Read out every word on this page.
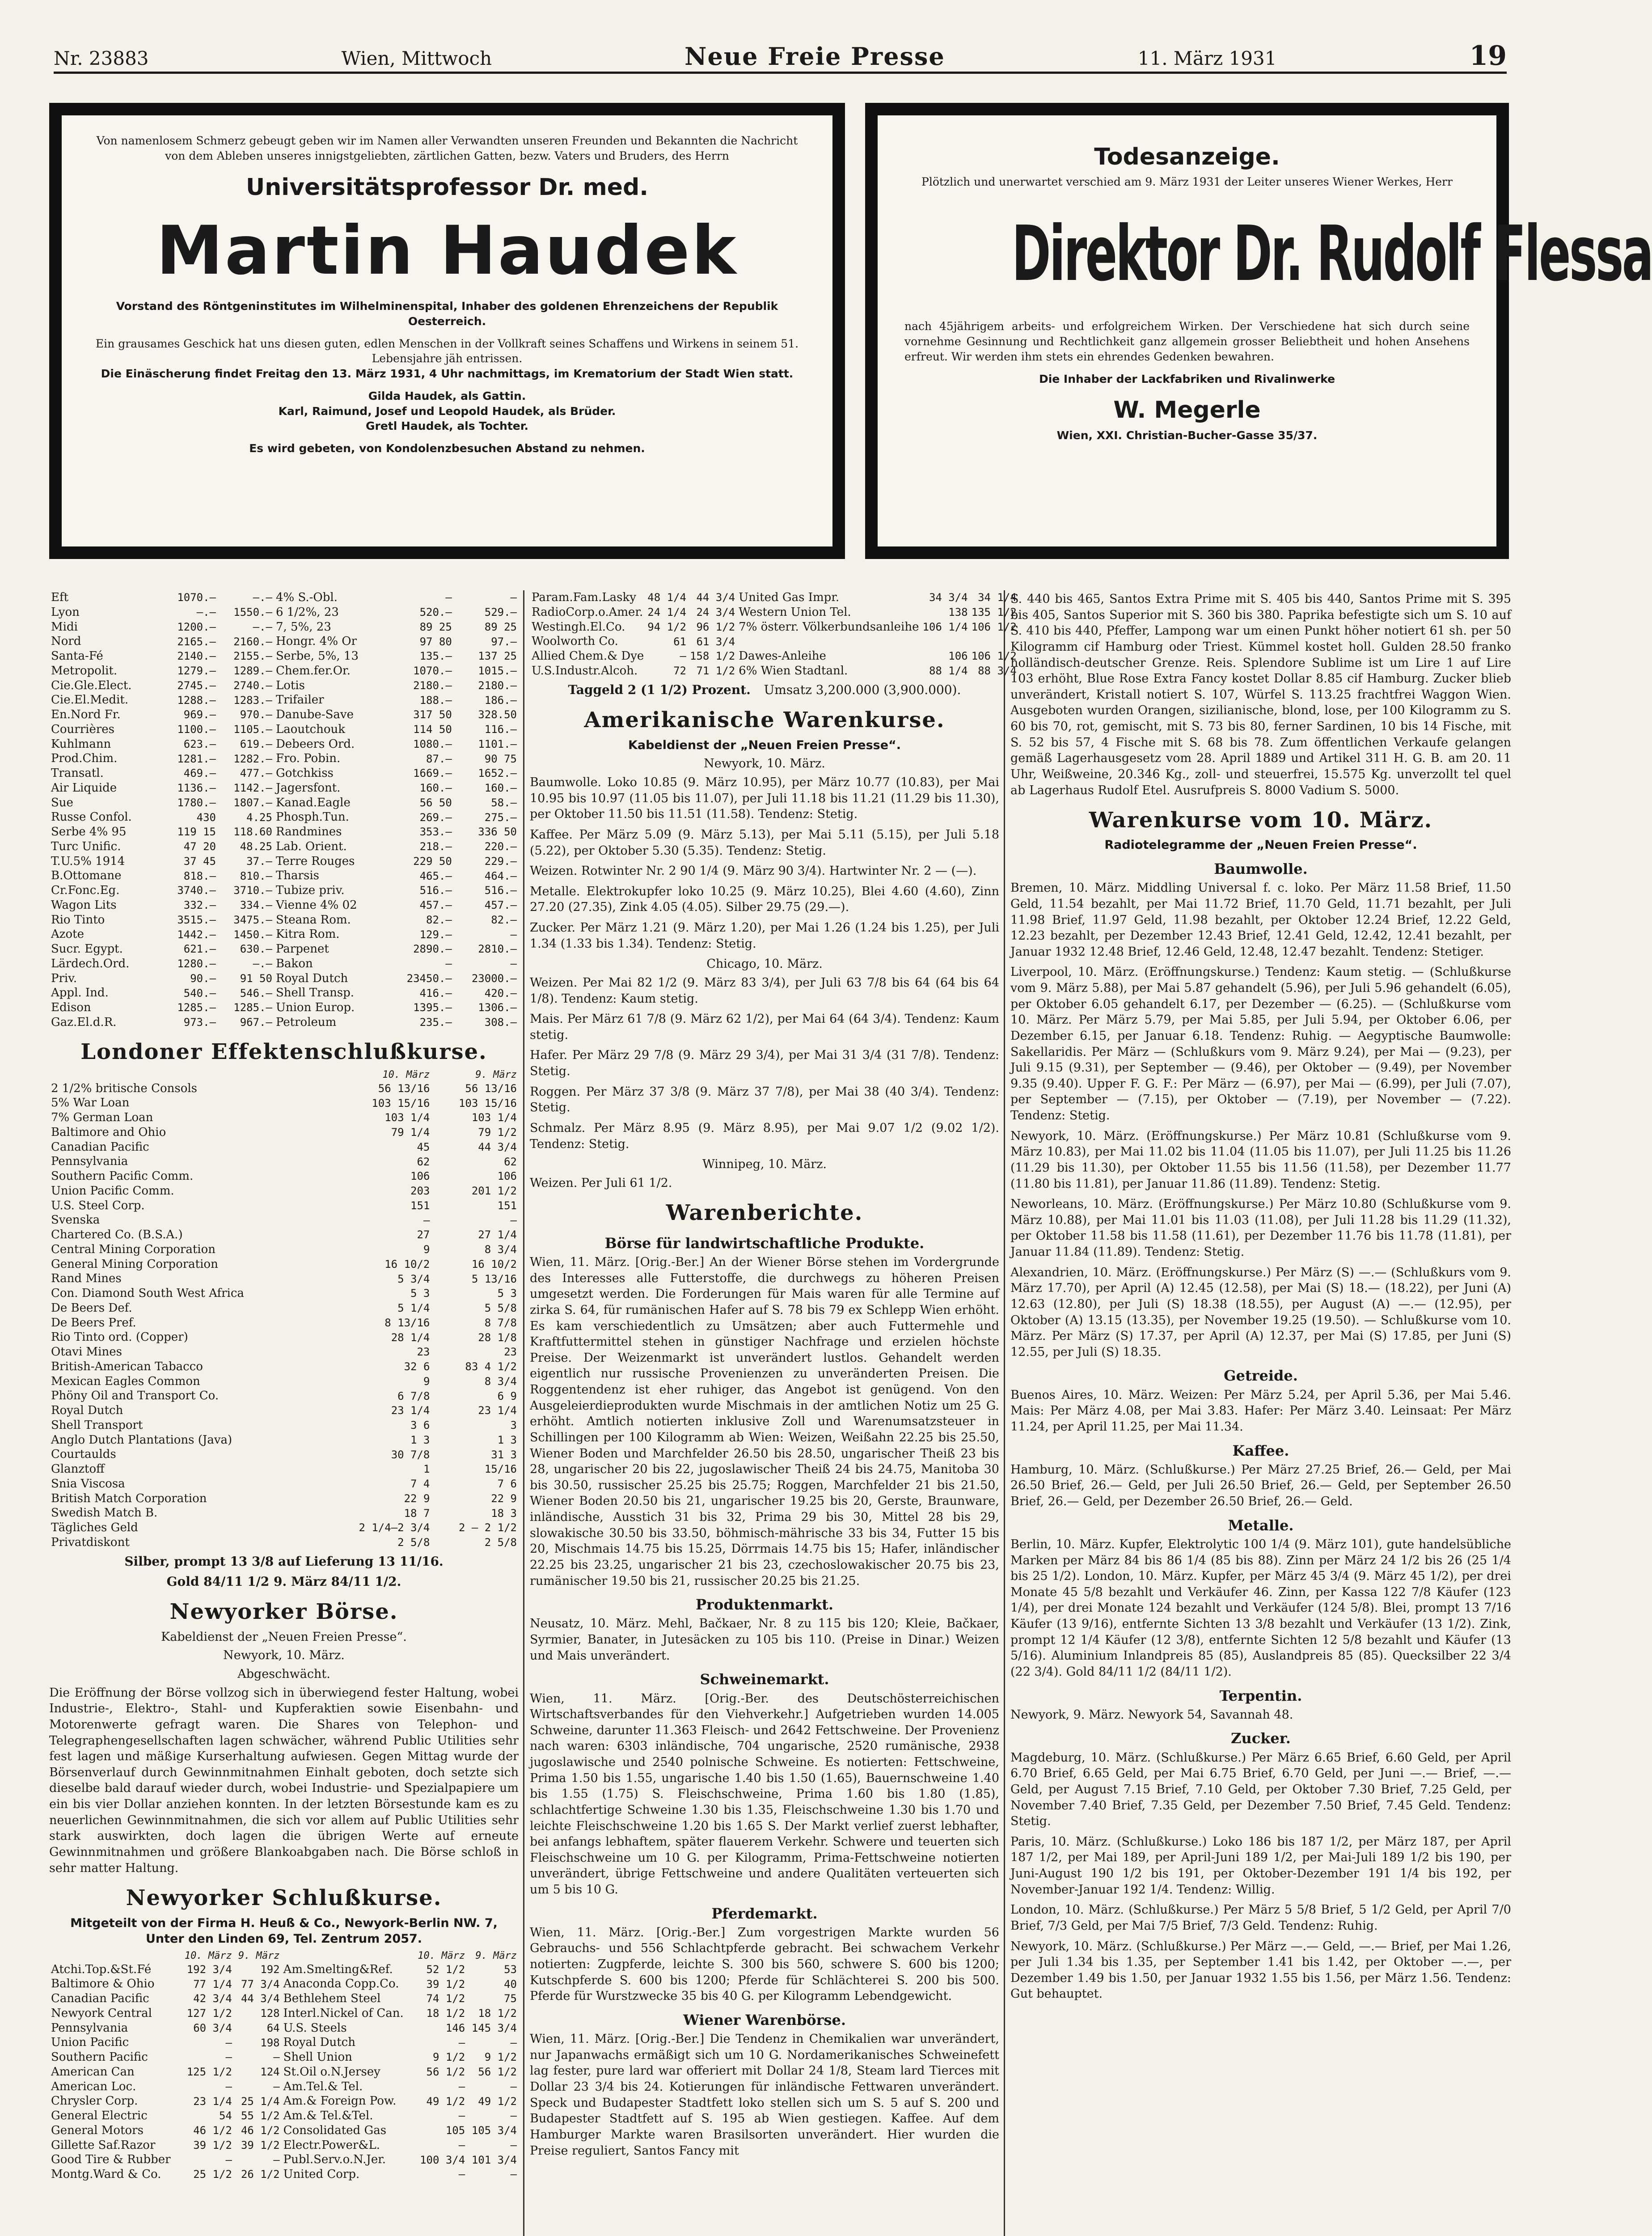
Nr. 23883	Wien, Mittwoch	Neue Freie Presse	11. März 1931	19
Von namenlosem Schmerz gebeugt geben wir im Namen aller Verwandten unseren Freunden und Bekannten die Nachricht von dem Ableben unseres innigstgeliebten, zärtlichen Gatten, bezw. Vaters und Bruders, des Herrn
Universitätsprofessor Dr. med.
Martin Haudek
Vorstand des Röntgeninstitutes im Wilhelminenspital, Inhaber des goldenen Ehrenzeichens der Republik Oesterreich.
Ein grausames Geschick hat uns diesen guten, edlen Menschen in der Vollkraft seines Schaffens und Wirkens in seinem 51. Lebensjahre jäh entrissen.
Die Einäscherung findet Freitag den 13. März 1931, 4 Uhr nachmittags, im Krematorium der Stadt Wien statt.
Gilda Haudek, als Gattin.
Karl, Raimund, Josef und Leopold Haudek, als Brüder.
Gretl Haudek, als Tochter.
Es wird gebeten, von Kondolenzbesuchen Abstand zu nehmen.
Todesanzeige.
Plötzlich und unerwartet verschied am 9. März 1931 der Leiter unseres Wiener Werkes, Herr
Direktor Dr. Rudolf Flessa
nach 45jährigem arbeits- und erfolgreichem Wirken. Der Verschiedene hat sich durch seine vornehme Gesinnung und Rechtlichkeit ganz allgemein grosser Beliebtheit und hohen Ansehens erfreut. Wir werden ihm stets ein ehrendes Gedenken bewahren.
Die Inhaber der Lackfabriken und Rivalinwerke
W. Megerle
Wien, XXI. Christian-Bucher-Gasse 35/37.
Eft	1070.—	—.—	4% S.-Obl.	—	—
Lyon	—.—	1550.—	6 1/2%, 23	520.—	529.—
Midi	1200.—	—.—	7, 5%, 23	89 25	89 25
Nord	2165.—	2160.—	Hongr. 4% Or	97 80	97.—
Santa-Fé	2140.—	2155.—	Serbe, 5%, 13	135.—	137 25
Metropolit.	1279.—	1289.—	Chem.fer.Or.	1070.—	1015.—
Cie.Gle.Elect.	2745.—	2740.—	Lotis	2180.—	2180.—
Cie.El.Medit.	1288.—	1283.—	Trifailer	188.—	186.—
En.Nord Fr.	969.—	970.—	Danube-Save	317 50	328.50
Courrières	1100.—	1105.—	Laoutchouk	114 50	116.—
Kuhlmann	623.—	619.—	Debeers Ord.	1080.—	1101.—
Prod.Chim.	1281.—	1282.—	Fro. Pobin.	87.—	90 75
Transatl.	469.—	477.—	Gotchkiss	1669.—	1652.—
Air Liquide	1136.—	1142.—	Jagersfont.	160.—	160.—
Sue	1780.—	1807.—	Kanad.Eagle	56 50	58.—
Russe Confol.	430	4.25	Phosph.Tun.	269.—	275.—
Serbe 4% 95	119 15	118.60	Randmines	353.—	336 50
Turc Unific.	47 20	48.25	Lab. Orient.	218.—	220.—
T.U.5% 1914	37 45	37.—	Terre Rouges	229 50	229.—
B.Ottomane	818.—	810.—	Tharsis	465.—	464.—
Cr.Fonc.Eg.	3740.—	3710.—	Tubize priv.	516.—	516.—
Wagon Lits	332.—	334.—	Vienne 4% 02	457.—	457.—
Rio Tinto	3515.—	3475.—	Steana Rom.	82.—	82.—
Azote	1442.—	1450.—	Kitra Rom.	129.—	—
Sucr. Egypt.	621.—	630.—	Parpenet	2890.—	2810.—
Lärdech.Ord.	1280.—	—.—	Bakon	—	—
Priv.	90.—	91 50	Royal Dutch	23450.—	23000.—
Appl. Ind.	540.—	546.—	Shell Transp.	416.—	420.—
Edison	1285.—	1285.—	Union Europ.	1395.—	1306.—
Gaz.El.d.R.	973.—	967.—	Petroleum	235.—	308.—
Londoner Effektenschlußkurse.
	10. März	9. März
2 1/2% britische Consols	56 13/16	56 13/16
5% War Loan	103 15/16	103 15/16
7% German Loan	103 1/4	103 1/4
Baltimore and Ohio	79 1/4	79 1/2
Canadian Pacific	45	44 3/4
Pennsylvania	62	62
Southern Pacific Comm.	106	106
Union Pacific Comm.	203	201 1/2
U.S. Steel Corp.	151	151
Svenska	—	—
Chartered Co. (B.S.A.)	27	27 1/4
Central Mining Corporation	9	8 3/4
General Mining Corporation	16 10/2	16 10/2
Rand Mines	5 3/4	5 13/16
Con. Diamond South West Africa	5 3	5 3
De Beers Def.	5 1/4	5 5/8
De Beers Pref.	8 13/16	8 7/8
Rio Tinto ord. (Copper)	28 1/4	28 1/8
Otavi Mines	23	23
British-American Tabacco	32 6	83 4 1/2
Mexican Eagles Common	9	8 3/4
Phöny Oil and Transport Co.	6 7/8	6 9
Royal Dutch	23 1/4	23 1/4
Shell Transport	3 6	3
Anglo Dutch Plantations (Java)	1 3	1 3
Courtaulds	30 7/8	31 3
Glanztoff	1	15/16
Snia Viscosa	7 4	7 6
British Match Corporation	22 9	22 9
Swedish Match B.	18 7	18 3
Tägliches Geld	2 1/4—2 3/4	2 — 2 1/2
Privatdiskont	2 5/8	2 5/8
Silber, prompt 13 3/8 auf Lieferung 13 11/16.
Gold 84/11 1/2 9. März 84/11 1/2.
Newyorker Börse.
Kabeldienst der „Neuen Freien Presse“.
Newyork, 10. März.
Abgeschwächt.

Die Eröffnung der Börse vollzog sich in überwiegend fester Haltung, wobei Industrie-, Elektro-, Stahl- und Kupferaktien sowie Eisenbahn- und Motorenwerte gefragt waren. Die Shares von Telephon- und Telegraphengesellschaften lagen schwächer, während Public Utilities sehr fest lagen und mäßige Kurserhaltung aufwiesen. Gegen Mittag wurde der Börsenverlauf durch Gewinnmitnahmen Einhalt geboten, doch setzte sich dieselbe bald darauf wieder durch, wobei Industrie- und Spezialpapiere um ein bis vier Dollar anziehen konnten. In der letzten Börsestunde kam es zu neuerlichen Gewinnmitnahmen, die sich vor allem auf Public Utilities sehr stark auswirkten, doch lagen die übrigen Werte auf erneute Gewinnmitnahmen und größere Blankoabgaben nach. Die Börse schloß in sehr matter Haltung.

Newyorker Schlußkurse.
Mitgeteilt von der Firma H. Heuß & Co., Newyork-Berlin NW. 7, Unter den Linden 69, Tel. Zentrum 2057.
	10. März	9. März		10. März	9. März
Atchi.Top.&St.Fé	192 3/4	192	Am.Smelting&Ref.	52 1/2	53
Baltimore & Ohio	77 1/4	77 3/4	Anaconda Copp.Co.	39 1/2	40
Canadian Pacific	42 3/4	44 3/4	Bethlehem Steel	74 1/2	75
Newyork Central	127 1/2	128	Interl.Nickel of Can.	18 1/2	18 1/2
Pennsylvania	60 3/4	64	U.S. Steels	146	145 3/4
Union Pacific	—	198	Royal Dutch	—	—
Southern Pacific	—	—	Shell Union	9 1/2	9 1/2
American Can	125 1/2	124	St.Oil o.N.Jersey	56 1/2	56 1/2
American Loc.	—	—	Am.Tel.& Tel.	—	—
Chrysler Corp.	23 1/4	25 1/4	Am.& Foreign Pow.	49 1/2	49 1/2
General Electric	54	55 1/2	Am.& Tel.&Tel.	—	—
General Motors	46 1/2	46 1/2	Consolidated Gas	105	105 3/4
Gillette Saf.Razor	39 1/2	39 1/2	Electr.Power&L.	—	—
Good Tire & Rubber	—	—	Publ.Serv.o.N.Jer.	100 3/4	101 3/4
Montg.Ward & Co.	25 1/2	26 1/2	United Corp.	—	—
Param.Fam.Lasky	48 1/4	44 3/4	United Gas Impr.	34 3/4	34 1/4
RadioCorp.o.Amer.	24 1/4	24 3/4	Western Union Tel.	138	135 1/2
Westingh.El.Co.	94 1/2	96 1/2	7% österr. Völkerbundsanleihe	106 1/4	106 1/2
Woolworth Co.	61	61 3/4			
Allied Chem.& Dye	—	158 1/2	Dawes-Anleihe	106	106 1/2
U.S.Industr.Alcoh.	72	71 1/2	6% Wien Stadtanl.	88 1/4	88 3/4
Taggeld 2 (1 1/2) Prozent. Umsatz 3,200.000 (3,900.000).
Amerikanische Warenkurse.
Kabeldienst der „Neuen Freien Presse“.
Newyork, 10. März.

Baumwolle. Loko 10.85 (9. März 10.95), per März 10.77 (10.83), per Mai 10.95 bis 10.97 (11.05 bis 11.07), per Juli 11.18 bis 11.21 (11.29 bis 11.30), per Oktober 11.50 bis 11.51 (11.58). Tendenz: Stetig.

Kaffee. Per März 5.09 (9. März 5.13), per Mai 5.11 (5.15), per Juli 5.18 (5.22), per Oktober 5.30 (5.35). Tendenz: Stetig.

Weizen. Rotwinter Nr. 2 90 1/4 (9. März 90 3/4). Hartwinter Nr. 2 — (—).

Metalle. Elektrokupfer loko 10.25 (9. März 10.25), Blei 4.60 (4.60), Zinn 27.20 (27.35), Zink 4.05 (4.05). Silber 29.75 (29.—).

Zucker. Per März 1.21 (9. März 1.20), per Mai 1.26 (1.24 bis 1.25), per Juli 1.34 (1.33 bis 1.34). Tendenz: Stetig.

Chicago, 10. März.

Weizen. Per Mai 82 1/2 (9. März 83 3/4), per Juli 63 7/8 bis 64 (64 bis 64 1/8). Tendenz: Kaum stetig.

Mais. Per März 61 7/8 (9. März 62 1/2), per Mai 64 (64 3/4). Tendenz: Kaum stetig.

Hafer. Per März 29 7/8 (9. März 29 3/4), per Mai 31 3/4 (31 7/8). Tendenz: Stetig.

Roggen. Per März 37 3/8 (9. März 37 7/8), per Mai 38 (40 3/4). Tendenz: Stetig.

Schmalz. Per März 8.95 (9. März 8.95), per Mai 9.07 1/2 (9.02 1/2). Tendenz: Stetig.

Winnipeg, 10. März.

Weizen. Per Juli 61 1/2.

Warenberichte.
Börse für landwirtschaftliche Produkte.

Wien, 11. März. [Orig.-Ber.] An der Wiener Börse stehen im Vordergrunde des Interesses alle Futterstoffe, die durchwegs zu höheren Preisen umgesetzt werden. Die Forderungen für Mais waren für alle Termine auf zirka S. 64, für rumänischen Hafer auf S. 78 bis 79 ex Schlepp Wien erhöht. Es kam verschiedentlich zu Umsätzen; aber auch Futtermehle und Kraftfuttermittel stehen in günstiger Nachfrage und erzielen höchste Preise. Der Weizenmarkt ist unverändert lustlos. Gehandelt werden eigentlich nur russische Provenienzen zu unveränderten Preisen. Die Roggentendenz ist eher ruhiger, das Angebot ist genügend. Von den Ausgeleierdieprodukten wurde Mischmais in der amtlichen Notiz um 25 G. erhöht. Amtlich notierten inklusive Zoll und Warenumsatzsteuer in Schillingen per 100 Kilogramm ab Wien: Weizen, Weißahn 22.25 bis 25.50, Wiener Boden und Marchfelder 26.50 bis 28.50, ungarischer Theiß 23 bis 28, ungarischer 20 bis 22, jugoslawischer Theiß 24 bis 24.75, Manitoba 30 bis 30.50, russischer 25.25 bis 25.75; Roggen, Marchfelder 21 bis 21.50, Wiener Boden 20.50 bis 21, ungarischer 19.25 bis 20, Gerste, Braunware, inländische, Ausstich 31 bis 32, Prima 29 bis 30, Mittel 28 bis 29, slowakische 30.50 bis 33.50, böhmisch-mährische 33 bis 34, Futter 15 bis 20, Mischmais 14.75 bis 15.25, Dörrmais 14.75 bis 15; Hafer, inländischer 22.25 bis 23.25, ungarischer 21 bis 23, czechoslowakischer 20.75 bis 23, rumänischer 19.50 bis 21, russischer 20.25 bis 21.25.

Produktenmarkt.

Neusatz, 10. März. Mehl, Bačkaer, Nr. 8 zu 115 bis 120; Kleie, Bačkaer, Syrmier, Banater, in Jutesäcken zu 105 bis 110. (Preise in Dinar.) Weizen und Mais unverändert.

Schweinemarkt.

Wien, 11. März. [Orig.-Ber. des Deutschösterreichischen Wirtschaftsverbandes für den Viehverkehr.] Aufgetrieben wurden 14.005 Schweine, darunter 11.363 Fleisch- und 2642 Fettschweine. Der Provenienz nach waren: 6303 inländische, 704 ungarische, 2520 rumänische, 2938 jugoslawische und 2540 polnische Schweine. Es notierten: Fettschweine, Prima 1.50 bis 1.55, ungarische 1.40 bis 1.50 (1.65), Bauernschweine 1.40 bis 1.55 (1.75) S. Fleischschweine, Prima 1.60 bis 1.80 (1.85), schlachtfertige Schweine 1.30 bis 1.35, Fleischschweine 1.30 bis 1.70 und leichte Fleischschweine 1.20 bis 1.65 S. Der Markt verlief zuerst lebhafter, bei anfangs lebhaftem, später flauerem Verkehr. Schwere und teuerten sich Fleischschweine um 10 G. per Kilogramm, Prima-Fettschweine notierten unverändert, übrige Fettschweine und andere Qualitäten verteuerten sich um 5 bis 10 G.

Pferdemarkt.

Wien, 11. März. [Orig.-Ber.] Zum vorgestrigen Markte wurden 56 Gebrauchs- und 556 Schlachtpferde gebracht. Bei schwachem Verkehr notierten: Zugpferde, leichte S. 300 bis 560, schwere S. 600 bis 1200; Kutschpferde S. 600 bis 1200; Pferde für Schlächterei S. 200 bis 500. Pferde für Wurstzwecke 35 bis 40 G. per Kilogramm Lebendgewicht.

Wiener Warenbörse.

Wien, 11. März. [Orig.-Ber.] Die Tendenz in Chemikalien war unverändert, nur Japanwachs ermäßigt sich um 10 G. Nordamerikanisches Schweinefett lag fester, pure lard war offeriert mit Dollar 24 1/8, Steam lard Tierces mit Dollar 23 3/4 bis 24. Kotierungen für inländische Fettwaren unverändert. Speck und Budapester Stadtfett loko stellen sich um S. 5 auf S. 200 und Budapester Stadtfett auf S. 195 ab Wien gestiegen. Kaffee. Auf dem Hamburger Markte waren Brasilsorten unverändert. Hier wurden die Preise reguliert, Santos Fancy mit

S. 440 bis 465, Santos Extra Prime mit S. 405 bis 440, Santos Prime mit S. 395 bis 405, Santos Superior mit S. 360 bis 380. Paprika befestigte sich um S. 10 auf S. 410 bis 440, Pfeffer, Lampong war um einen Punkt höher notiert 61 sh. per 50 Kilogramm cif Hamburg oder Triest. Kümmel kostet holl. Gulden 28.50 franko holländisch-deutscher Grenze. Reis. Splendore Sublime ist um Lire 1 auf Lire 103 erhöht, Blue Rose Extra Fancy kostet Dollar 8.85 cif Hamburg. Zucker blieb unverändert, Kristall notiert S. 107, Würfel S. 113.25 frachtfrei Waggon Wien. Ausgeboten wurden Orangen, sizilianische, blond, lose, per 100 Kilogramm zu S. 60 bis 70, rot, gemischt, mit S. 73 bis 80, ferner Sardinen, 10 bis 14 Fische, mit S. 52 bis 57, 4 Fische mit S. 68 bis 78. Zum öffentlichen Verkaufe gelangen gemäß Lagerhausgesetz vom 28. April 1889 und Artikel 311 H. G. B. am 20. 11 Uhr, Weißweine, 20.346 Kg., zoll- und steuerfrei, 15.575 Kg. unverzollt tel quel ab Lagerhaus Rudolf Etel. Ausrufpreis S. 8000 Vadium S. 5000.

Warenkurse vom 10. März.
Radiotelegramme der „Neuen Freien Presse“.
Baumwolle.

Bremen, 10. März. Middling Universal f. c. loko. Per März 11.58 Brief, 11.50 Geld, 11.54 bezahlt, per Mai 11.72 Brief, 11.70 Geld, 11.71 bezahlt, per Juli 11.98 Brief, 11.97 Geld, 11.98 bezahlt, per Oktober 12.24 Brief, 12.22 Geld, 12.23 bezahlt, per Dezember 12.43 Brief, 12.41 Geld, 12.42, 12.41 bezahlt, per Januar 1932 12.48 Brief, 12.46 Geld, 12.48, 12.47 bezahlt. Tendenz: Stetiger.

Liverpool, 10. März. (Eröffnungskurse.) Tendenz: Kaum stetig. — (Schlußkurse vom 9. März 5.88), per Mai 5.87 gehandelt (5.96), per Juli 5.96 gehandelt (6.05), per Oktober 6.05 gehandelt 6.17, per Dezember — (6.25). — (Schlußkurse vom 10. März. Per März 5.79, per Mai 5.85, per Juli 5.94, per Oktober 6.06, per Dezember 6.15, per Januar 6.18. Tendenz: Ruhig. — Aegyptische Baumwolle: Sakellaridis. Per März — (Schlußkurs vom 9. März 9.24), per Mai — (9.23), per Juli 9.15 (9.31), per September — (9.46), per Oktober — (9.49), per November 9.35 (9.40). Upper F. G. F.: Per März — (6.97), per Mai — (6.99), per Juli (7.07), per September — (7.15), per Oktober — (7.19), per November — (7.22). Tendenz: Stetig.

Newyork, 10. März. (Eröffnungskurse.) Per März 10.81 (Schlußkurse vom 9. März 10.83), per Mai 11.02 bis 11.04 (11.05 bis 11.07), per Juli 11.25 bis 11.26 (11.29 bis 11.30), per Oktober 11.55 bis 11.56 (11.58), per Dezember 11.77 (11.80 bis 11.81), per Januar 11.86 (11.89). Tendenz: Stetig.

Neworleans, 10. März. (Eröffnungskurse.) Per März 10.80 (Schlußkurse vom 9. März 10.88), per Mai 11.01 bis 11.03 (11.08), per Juli 11.28 bis 11.29 (11.32), per Oktober 11.58 bis 11.58 (11.61), per Dezember 11.76 bis 11.78 (11.81), per Januar 11.84 (11.89). Tendenz: Stetig.

Alexandrien, 10. März. (Eröffnungskurse.) Per März (S) —.— (Schlußkurs vom 9. März 17.70), per April (A) 12.45 (12.58), per Mai (S) 18.— (18.22), per Juni (A) 12.63 (12.80), per Juli (S) 18.38 (18.55), per August (A) —.— (12.95), per Oktober (A) 13.15 (13.35), per November 19.25 (19.50). — Schlußkurse vom 10. März. Per März (S) 17.37, per April (A) 12.37, per Mai (S) 17.85, per Juni (S) 12.55, per Juli (S) 18.35.

Getreide.

Buenos Aires, 10. März. Weizen: Per März 5.24, per April 5.36, per Mai 5.46. Mais: Per März 4.08, per Mai 3.83. Hafer: Per März 3.40. Leinsaat: Per März 11.24, per April 11.25, per Mai 11.34.

Kaffee.

Hamburg, 10. März. (Schlußkurse.) Per März 27.25 Brief, 26.— Geld, per Mai 26.50 Brief, 26.— Geld, per Juli 26.50 Brief, 26.— Geld, per September 26.50 Brief, 26.— Geld, per Dezember 26.50 Brief, 26.— Geld.

Metalle.

Berlin, 10. März. Kupfer, Elektrolytic 100 1/4 (9. März 101), gute handelsübliche Marken per März 84 bis 86 1/4 (85 bis 88). Zinn per März 24 1/2 bis 26 (25 1/4 bis 25 1/2). London, 10. März. Kupfer, per März 45 3/4 (9. März 45 1/2), per drei Monate 45 5/8 bezahlt und Verkäufer 46. Zinn, per Kassa 122 7/8 Käufer (123 1/4), per drei Monate 124 bezahlt und Verkäufer (124 5/8). Blei, prompt 13 7/16 Käufer (13 9/16), entfernte Sichten 13 3/8 bezahlt und Verkäufer (13 1/2). Zink, prompt 12 1/4 Käufer (12 3/8), entfernte Sichten 12 5/8 bezahlt und Käufer (13 5/16). Aluminium Inlandpreis 85 (85), Auslandpreis 85 (85). Quecksilber 22 3/4 (22 3/4). Gold 84/11 1/2 (84/11 1/2).

Terpentin.

Newyork, 9. März. Newyork 54, Savannah 48.

Zucker.

Magdeburg, 10. März. (Schlußkurse.) Per März 6.65 Brief, 6.60 Geld, per April 6.70 Brief, 6.65 Geld, per Mai 6.75 Brief, 6.70 Geld, per Juni —.— Brief, —.— Geld, per August 7.15 Brief, 7.10 Geld, per Oktober 7.30 Brief, 7.25 Geld, per November 7.40 Brief, 7.35 Geld, per Dezember 7.50 Brief, 7.45 Geld. Tendenz: Stetig.

Paris, 10. März. (Schlußkurse.) Loko 186 bis 187 1/2, per März 187, per April 187 1/2, per Mai 189, per April-Juni 189 1/2, per Mai-Juli 189 1/2 bis 190, per Juni-August 190 1/2 bis 191, per Oktober-Dezember 191 1/4 bis 192, per November-Januar 192 1/4. Tendenz: Willig.

London, 10. März. (Schlußkurse.) Per März 5 5/8 Brief, 5 1/2 Geld, per April 7/0 Brief, 7/3 Geld, per Mai 7/5 Brief, 7/3 Geld. Tendenz: Ruhig.

Newyork, 10. März. (Schlußkurse.) Per März —.— Geld, —.— Brief, per Mai 1.26, per Juli 1.34 bis 1.35, per September 1.41 bis 1.42, per Oktober —.—, per Dezember 1.49 bis 1.50, per Januar 1932 1.55 bis 1.56, per März 1.56. Tendenz: Gut behauptet.
